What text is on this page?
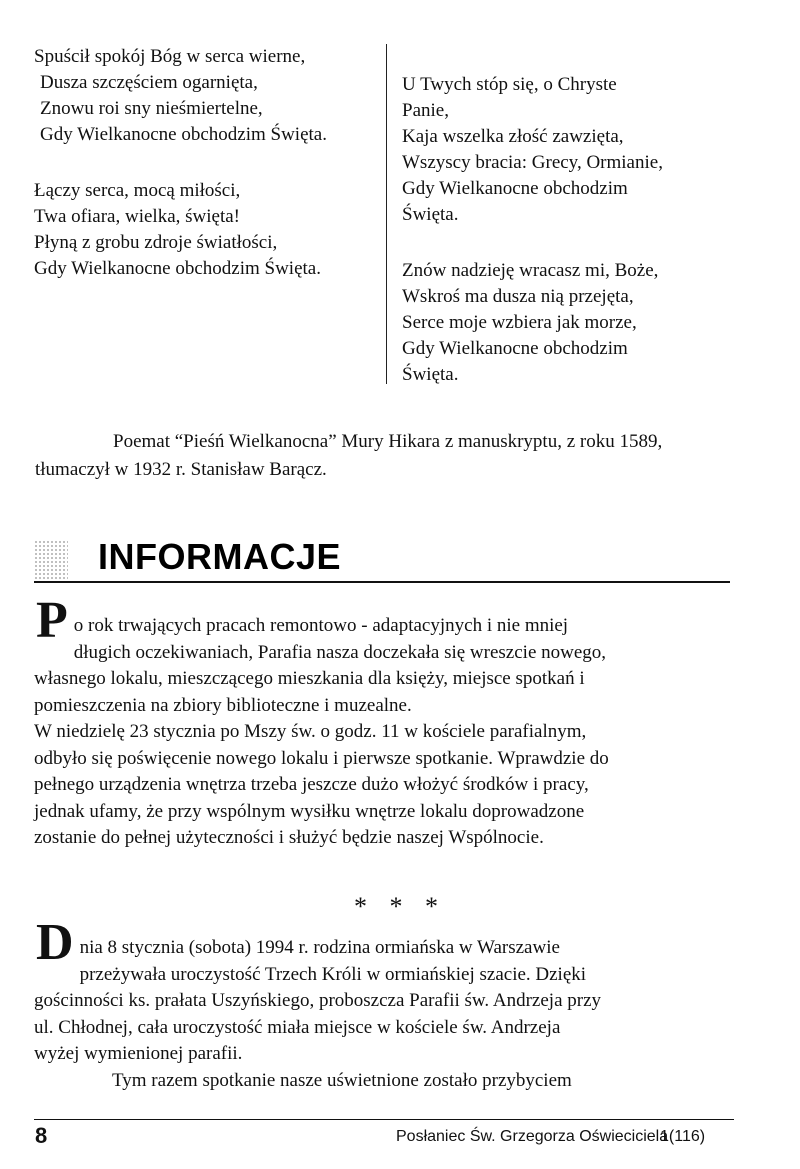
Spuścił spokój Bóg w serca wierne,
Dusza szczęściem ogarnięta,
Znowu roi sny nieśmiertelne,
Gdy Wielkanocne obchodzim Święta.
Łączy serca, mocą miłości,
Twa ofiara, wielka, święta!
Płyną z grobu zdroje światłości,
Gdy Wielkanocne obchodzim Święta.
U Twych stóp się, o Chryste
Panie,
Kaja wszelka złość zawzięta,
Wszyscy bracia: Grecy, Ormianie,
Gdy Wielkanocne obchodzim
Święta.
Znów nadzieję wracasz mi, Boże,
Wskroś ma dusza nią przejęta,
Serce moje wzbiera jak morze,
Gdy Wielkanocne obchodzim
Święta.
Poemat “Pieśń Wielkanocna” Mury Hikara z manuskryptu, z roku 1589, tłumaczył w 1932 r. Stanisław Barącz.
INFORMACJE
P o rok trwających pracach remontowo - adaptacyjnych i nie mniej
długich oczekiwaniach, Parafia nasza doczekała się wreszcie nowego,
własnego lokalu, mieszczącego mieszkania dla księży, miejsce spotkań i
pomieszczenia na zbiory biblioteczne i muzealne.
W niedzielę 23 stycznia po Mszy św. o godz. 11 w kościele parafialnym,
odbyło się poświęcenie nowego lokalu i pierwsze spotkanie. Wprawdzie do
pełnego urządzenia wnętrza trzeba jeszcze dużo włożyć środków i pracy,
jednak ufamy, że przy wspólnym wysiłku wnętrze lokalu doprowadzone
zostanie do pełnej użyteczności i służyć będzie naszej Wspólnocie.
* * *
D nia 8 stycznia (sobota) 1994 r. rodzina ormiańska w Warszawie
przeżywała uroczystość Trzech Króli w ormiańskiej szacie. Dzięki
gościnności ks. prałata Uszyńskiego, proboszcza Parafii św. Andrzeja przy
ul. Chłodnej, cała uroczystość miała miejsce w kościele św. Andrzeja
wyżej wymienionej parafii.
Tym razem spotkanie nasze uświetnione zostało przybyciem
8	Posłaniec Św. Grzegorza Oświeciciela
1(116)
